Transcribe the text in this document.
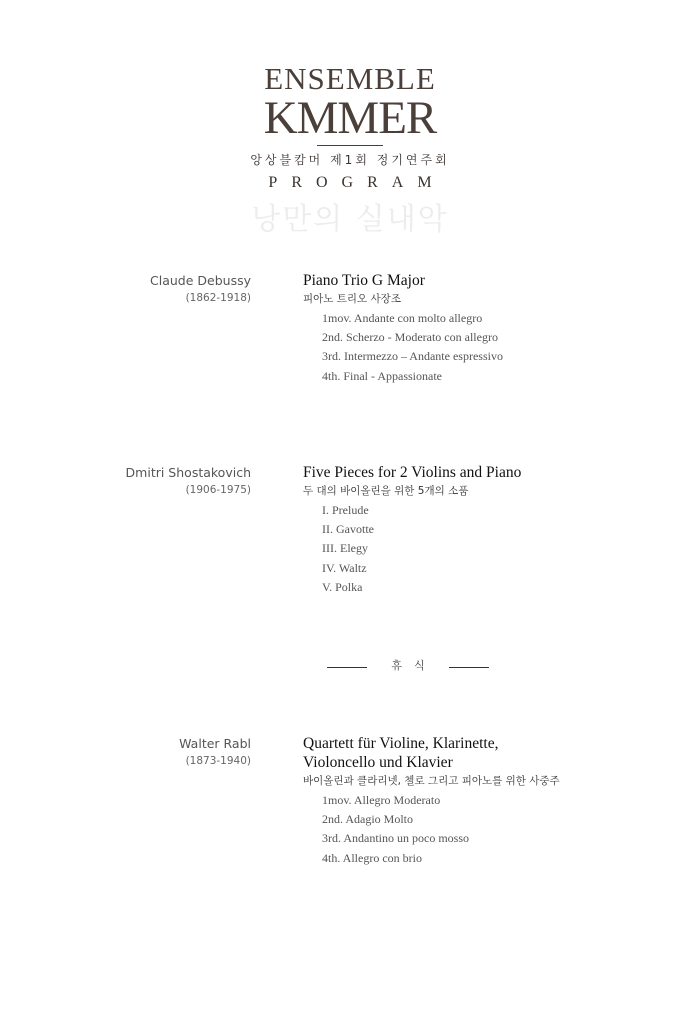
ENSEMBLE
KMMER
앙상블캄머 제1회 정기연주회
PROGRAM
낭만의 실내악
Claude Debussy
(1862-1918)
Piano Trio G Major
피아노 트리오 사장조
1mov. Andante con molto allegro
2nd. Scherzo - Moderato con allegro
3rd. Intermezzo – Andante espressivo
4th. Final - Appassionate
Dmitri Shostakovich
(1906-1975)
Five Pieces for 2 Violins and Piano
두 대의 바이올린을 위한 5개의 소품
I. Prelude
II. Gavotte
III. Elegy
IV. Waltz
V. Polka
휴식
Walter Rabl
(1873-1940)
Quartett für Violine, Klarinette,
Violoncello und Klavier
바이올린과 클라리넷, 첼로 그리고 피아노를 위한 사중주
1mov. Allegro Moderato
2nd. Adagio Molto
3rd. Andantino un poco mosso
4th. Allegro con brio
